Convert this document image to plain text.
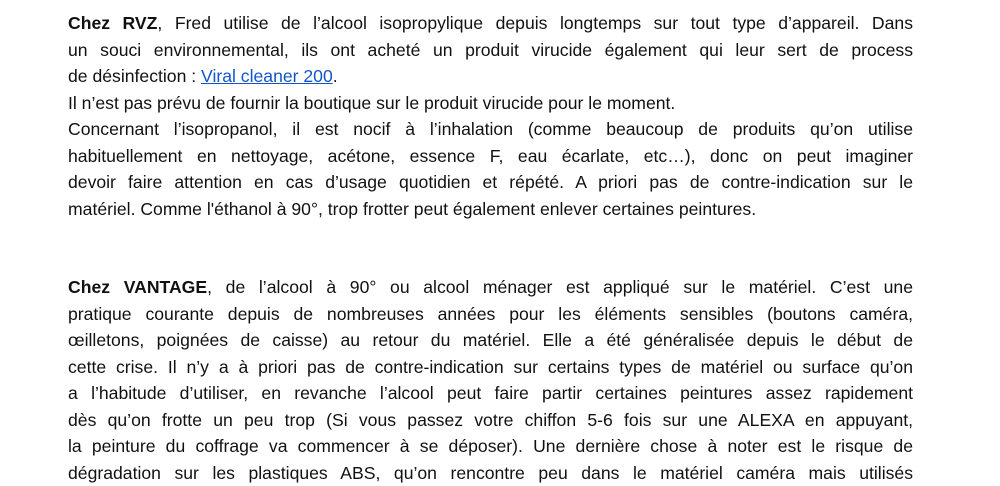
Chez RVZ, Fred utilise de l’alcool isopropylique depuis longtemps sur tout type d’appareil. Dans
un souci environnemental, ils ont acheté un produit virucide également qui leur sert de process
de désinfection : Viral cleaner 200.
Il n’est pas prévu de fournir la boutique sur le produit virucide pour le moment.
Concernant l’isopropanol, il est nocif à l’inhalation (comme beaucoup de produits qu’on utilise
habituellement en nettoyage, acétone, essence F, eau écarlate, etc…), donc on peut imaginer
devoir faire attention en cas d’usage quotidien et répété. A priori pas de contre-indication sur le
matériel. Comme l'éthanol à 90°, trop frotter peut également enlever certaines peintures.

Chez VANTAGE, de l’alcool à 90° ou alcool ménager est appliqué sur le matériel. C’est une
pratique courante depuis de nombreuses années pour les éléments sensibles (boutons caméra,
œilletons, poignées de caisse) au retour du matériel. Elle a été généralisée depuis le début de
cette crise. Il n’y a à priori pas de contre-indication sur certains types de matériel ou surface qu’on
a l’habitude d’utiliser, en revanche l’alcool peut faire partir certaines peintures assez rapidement
dès qu’on frotte un peu trop (Si vous passez votre chiffon 5-6 fois sur une ALEXA en appuyant,
la peinture du coffrage va commencer à se déposer). Une dernière chose à noter est le risque de
dégradation sur les plastiques ABS, qu’on rencontre peu dans le matériel caméra mais utilisés
